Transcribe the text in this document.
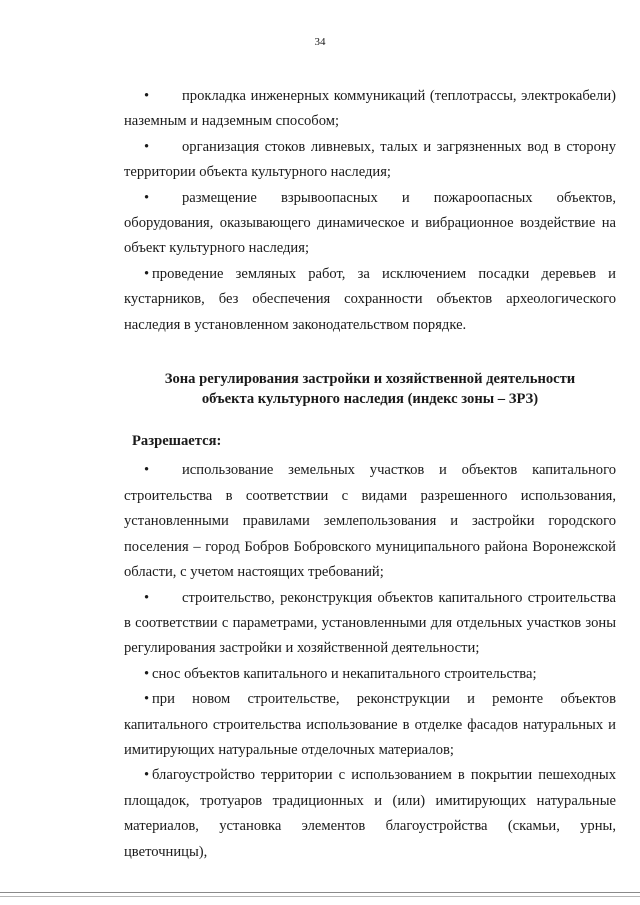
34

• прокладка инженерных коммуникаций (теплотрассы, электрокабели) наземным и надземным способом;

• организация стоков ливневых, талых и загрязненных вод в сторону территории объекта культурного наследия;

• размещение взрывоопасных и пожароопасных объектов, оборудования, оказывающего динамическое и вибрационное воздействие на объект культурного наследия;

• проведение земляных работ, за исключением посадки деревьев и кустарников, без обеспечения сохранности объектов археологического наследия в установленном законодательством порядке.

Зона регулирования застройки и хозяйственной деятельности
объекта культурного наследия (индекс зоны – ЗРЗ)
Разрешается:

• использование земельных участков и объектов капитального строительства в соответствии с видами разрешенного использования, установленными правилами землепользования и застройки городского поселения – город Бобров Бобровского муниципального района Воронежской области, с учетом настоящих требований;

• строительство, реконструкция объектов капитального строительства в соответствии с параметрами, установленными для отдельных участков зоны регулирования застройки и хозяйственной деятельности;

• снос объектов капитального и некапитального строительства;

• при новом строительстве, реконструкции и ремонте объектов капитального строительства использование в отделке фасадов натуральных и имитирующих натуральные отделочных материалов;

• благоустройство территории с использованием в покрытии пешеходных площадок, тротуаров традиционных и (или) имитирующих натуральные материалов, установка элементов благоустройства (скамьи, урны, цветочницы),
